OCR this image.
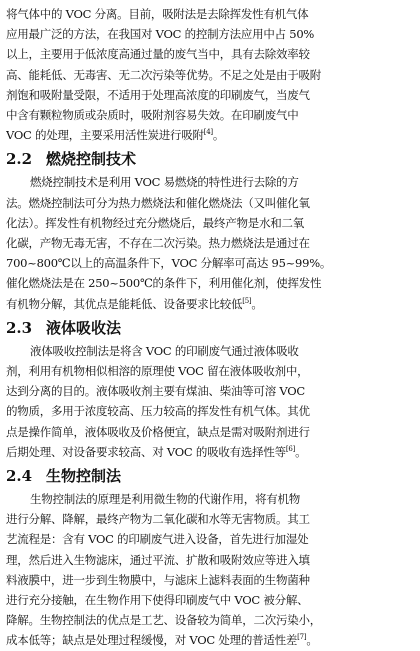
将气体中的 VOC 分离。目前，吸附法是去除挥发性有机气体
应用最广泛的方法，在我国对 VOC 的控制方法应用中占 50%
以上，主要用于低浓度高通过量的废气当中，具有去除效率较
高、能耗低、无毒害、无二次污染等优势。不足之处是由于吸附
剂饱和吸附量受限，不适用于处理高浓度的印刷废气，当废气
中含有颗粒物质或杂质时，吸附剂容易失效。在印刷废气中
VOC 的处理，主要采用活性炭进行吸附[4]。
2.2 燃烧控制技术
燃烧控制技术是利用 VOC 易燃烧的特性进行去除的方
法。燃烧控制法可分为热力燃烧法和催化燃烧法（又叫催化氧
化法）。挥发性有机物经过充分燃烧后，最终产物是水和二氧
化碳，产物无毒无害，不存在二次污染。热力燃烧法是通过在
700~800℃以上的高温条件下，VOC 分解率可高达 95~99%。
催化燃烧法是在 250~500℃的条件下，利用催化剂，使挥发性
有机物分解，其优点是能耗低、设备要求比较低[5]。
2.3 液体吸收法
液体吸收控制法是将含 VOC 的印刷废气通过液体吸收
剂，利用有机物相似相溶的原理使 VOC 留在液体吸收剂中，
达到分离的目的。液体吸收剂主要有煤油、柴油等可溶 VOC
的物质，多用于浓度较高、压力较高的挥发性有机气体。其优
点是操作简单，液体吸收及价格便宜，缺点是需对吸附剂进行
后期处理、对设备要求较高、对 VOC 的吸收有选择性等[6]。
2.4 生物控制法
生物控制法的原理是利用微生物的代谢作用，将有机物
进行分解、降解，最终产物为二氧化碳和水等无害物质。其工
艺流程是：含有 VOC 的印刷废气进入设备，首先进行加湿处
理，然后进入生物滤床，通过平流、扩散和吸附效应等进入填
料液膜中，进一步到生物膜中，与滤床上滤料表面的生物菌种
进行充分接触，在生物作用下使得印刷废气中 VOC 被分解、
降解。生物控制法的优点是工艺、设备较为简单，二次污染小，
成本低等；缺点是处理过程缓慢，对 VOC 处理的普适性差[7]。
